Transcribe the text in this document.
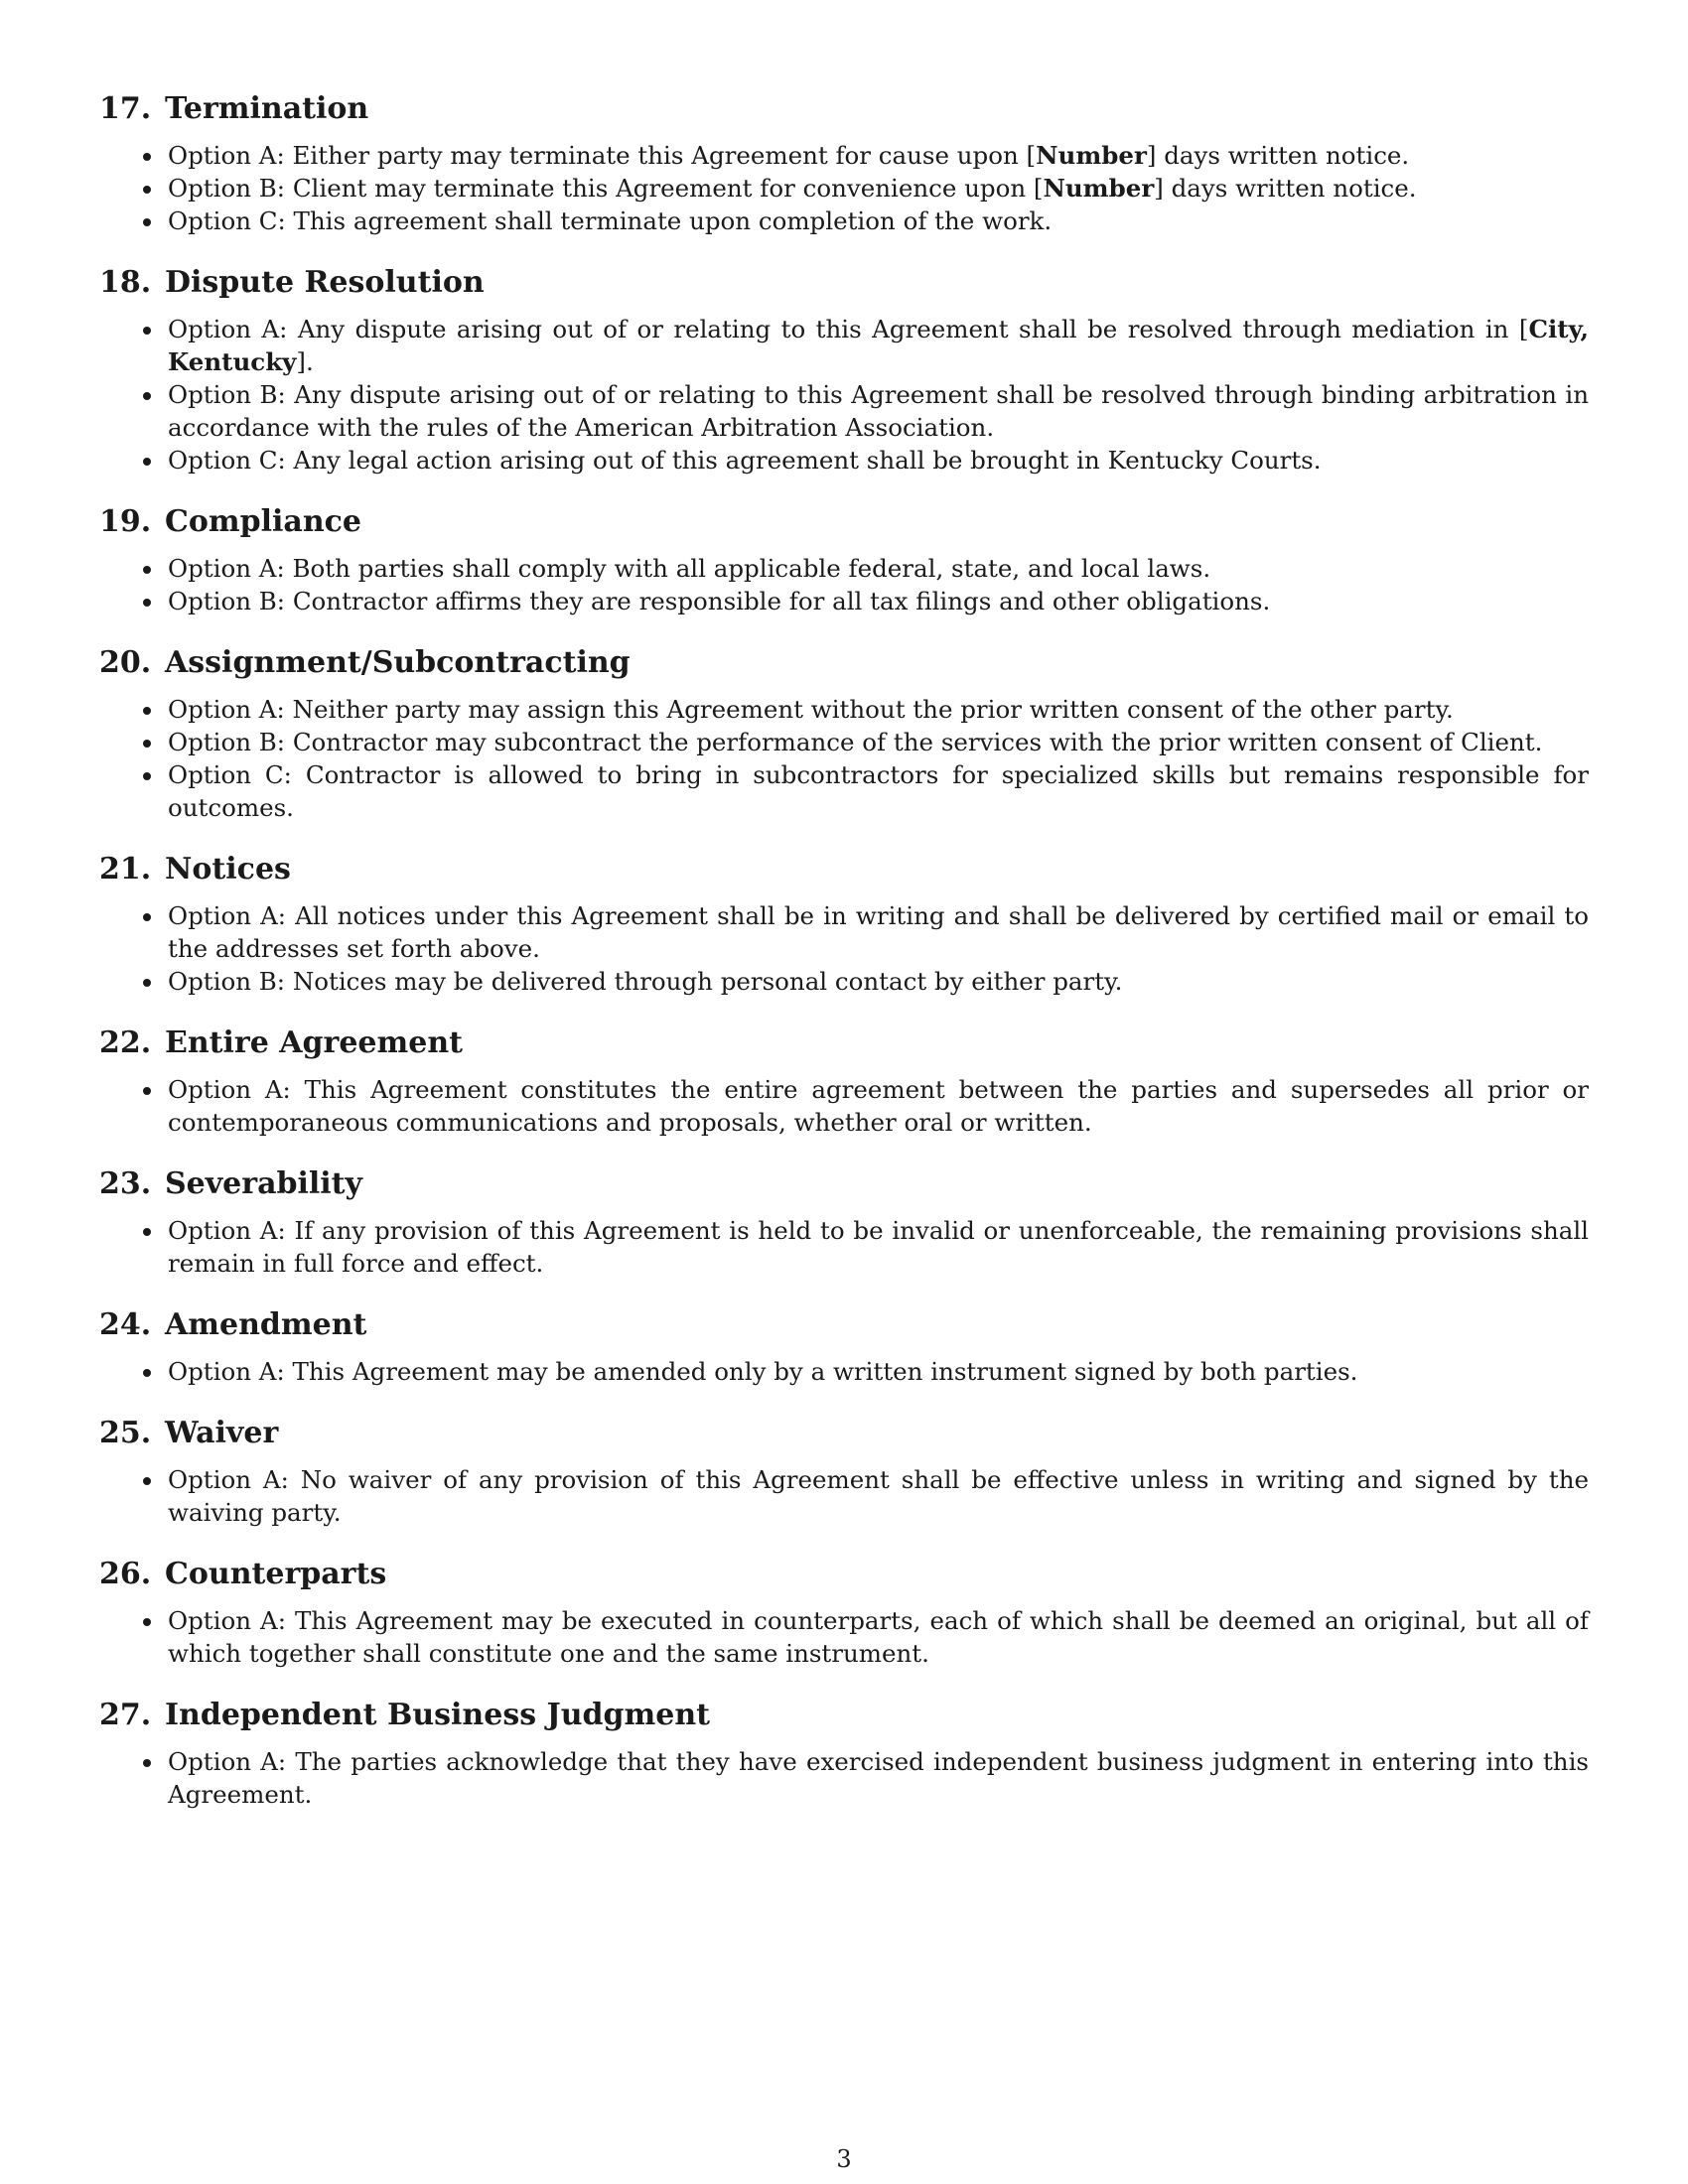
17. Termination
Option A: Either party may terminate this Agreement for cause upon [Number] days written notice.
Option B: Client may terminate this Agreement for convenience upon [Number] days written notice.
Option C: This agreement shall terminate upon completion of the work.
18. Dispute Resolution
Option A: Any dispute arising out of or relating to this Agreement shall be resolved through mediation in [City, Kentucky].
Option B: Any dispute arising out of or relating to this Agreement shall be resolved through binding arbitration in accordance with the rules of the American Arbitration Association.
Option C: Any legal action arising out of this agreement shall be brought in Kentucky Courts.
19. Compliance
Option A: Both parties shall comply with all applicable federal, state, and local laws.
Option B: Contractor affirms they are responsible for all tax filings and other obligations.
20. Assignment/Subcontracting
Option A: Neither party may assign this Agreement without the prior written consent of the other party.
Option B: Contractor may subcontract the performance of the services with the prior written consent of Client.
Option C: Contractor is allowed to bring in subcontractors for specialized skills but remains responsible for outcomes.
21. Notices
Option A: All notices under this Agreement shall be in writing and shall be delivered by certified mail or email to the addresses set forth above.
Option B: Notices may be delivered through personal contact by either party.
22. Entire Agreement
Option A: This Agreement constitutes the entire agreement between the parties and supersedes all prior or contemporaneous communications and proposals, whether oral or written.
23. Severability
Option A: If any provision of this Agreement is held to be invalid or unenforceable, the remaining provisions shall remain in full force and effect.
24. Amendment
Option A: This Agreement may be amended only by a written instrument signed by both parties.
25. Waiver
Option A: No waiver of any provision of this Agreement shall be effective unless in writing and signed by the waiving party.
26. Counterparts
Option A: This Agreement may be executed in counterparts, each of which shall be deemed an original, but all of which together shall constitute one and the same instrument.
27. Independent Business Judgment
Option A: The parties acknowledge that they have exercised independent business judgment in entering into this Agreement.
3
